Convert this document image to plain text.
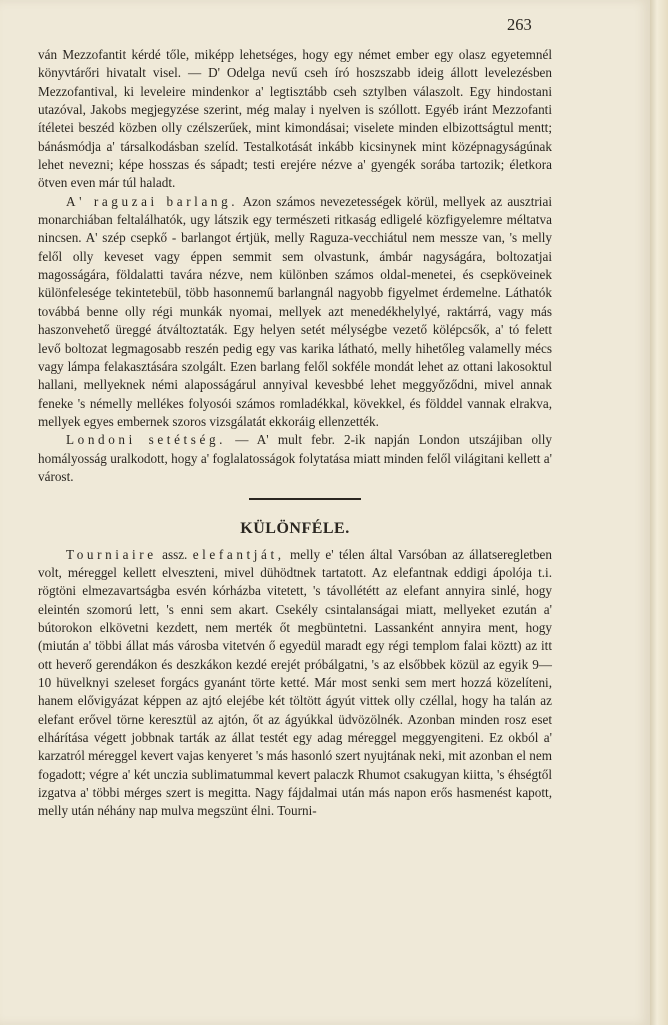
263

ván Mezzofantit kérdé tőle, miképp lehetséges, hogy egy német ember egy olasz egyetemnél könyvtárőri hivatalt visel. — D' Odelga nevű cseh író hoszszabb ideig állott levelezésben Mezzofantival, ki leveleire mindenkor a' legtisztább cseh sztylben válaszolt. Egy hindostani utazóval, Jakobs megjegyzése szerint, még malay i nyelven is szóllott. Egyéb iránt Mezzofanti ítéletei beszéd közben olly czélszerűek, mint kimondásai; viselete minden elbizottságtul mentt; bánásmódja a' társalkodásban szelíd. Testalkotását inkább kicsinynek mint középnagyságúnak lehet nevezni; képe hosszas és sápadt; testi erejére nézve a' gyengék sorába tartozik; életkora ötven even már túl haladt.

A' raguzai barlang. Azon számos nevezetességek körül, mellyek az ausztriai monarchiában feltalálhatók, ugy látszik egy természeti ritkaság edligelé közfigyelemre méltatva nincsen. A' szép csepkő - barlangot értjük, melly Raguza-vecchiátul nem messze van, 's melly felől olly keveset vagy éppen semmit sem olvastunk, ámbár nagyságára, boltozatjai magosságára, földalatti tavára nézve, nem különben számos oldal-menetei, és csepköveinek különfelesége tekintetebül, több hasonnemű barlangnál nagyobb figyelmet érdemelne. Láthatók továbbá benne olly régi munkák nyomai, mellyek azt menedékhelylyé, raktárrá, vagy más haszonvehető üreggé átváltoztaták. Egy helyen setét mélységbe vezető kölépcsők, a' tó felett levő boltozat legmagosabb reszén pedig egy vas karika látható, melly hihetőleg valamelly mécs vagy lámpa felakasztására szolgált. Ezen barlang felől sokféle mondát lehet az ottani lakosoktul hallani, mellyeknek némi alaposságárul annyival kevesbbé lehet meggyőződni, mivel annak feneke 's némelly mellékes folyosói számos romladékkal, kövekkel, és földdel vannak elrakva, mellyek egyes embernek szoros vizsgálatát ekkoráig ellenzették.

Londoni setétség. — A' mult febr. 2-ik napján London utszájiban olly homályosság uralkodott, hogy a' foglalatosságok folytatása miatt minden felől világitani kellett a' várost.

KÜLÖNFÉLE.

Tourniaire assz. elefantját, melly e' télen által Varsóban az állatseregletben volt, méreggel kellett elveszteni, mivel dühödtnek tartatott. Az elefantnak eddigi ápolója t.i. rögtöni elmezavartságba esvén kórházba vitetett, 's távollététt az elefant annyira sinlé, hogy eleintén szomorú lett, 's enni sem akart. Csekély csintalanságai miatt, mellyeket ezután a' bútorokon elkövetni kezdett, nem merték őt megbüntetni. Lassanként annyira ment, hogy (miután a' többi állat más városba vitetvén ő egyedül maradt egy régi templom falai köztt) az itt ott heverő gerendákon és deszkákon kezdé erejét próbálgatni, 's az elsőbbek közül az egyik 9—10 hüvelknyi szeleset forgács gyanánt törte ketté. Már most senki sem mert hozzá közelíteni, hanem elővigyázat képpen az ajtó elejébe két töltött ágyút vittek olly czéllal, hogy ha talán az elefant erővel törne keresztül az ajtón, őt az ágyúkkal üdvözölnék. Azonban minden rosz eset elhárítása végett jobbnak tarták az állat testét egy adag méreggel meggyengiteni. Ez okból a' karzatról méreggel kevert vajas kenyeret 's más hasonló szert nyujtának neki, mit azonban el nem fogadott; végre a' két unczia sublimatummal kevert palaczk Rhumot csakugyan kiitta, 's éhségtől izgatva a' többi mérges szert is megitta. Nagy fájdalmai után más napon erős hasmenést kapott, melly után néhány nap mulva megszünt élni. Tourni-
